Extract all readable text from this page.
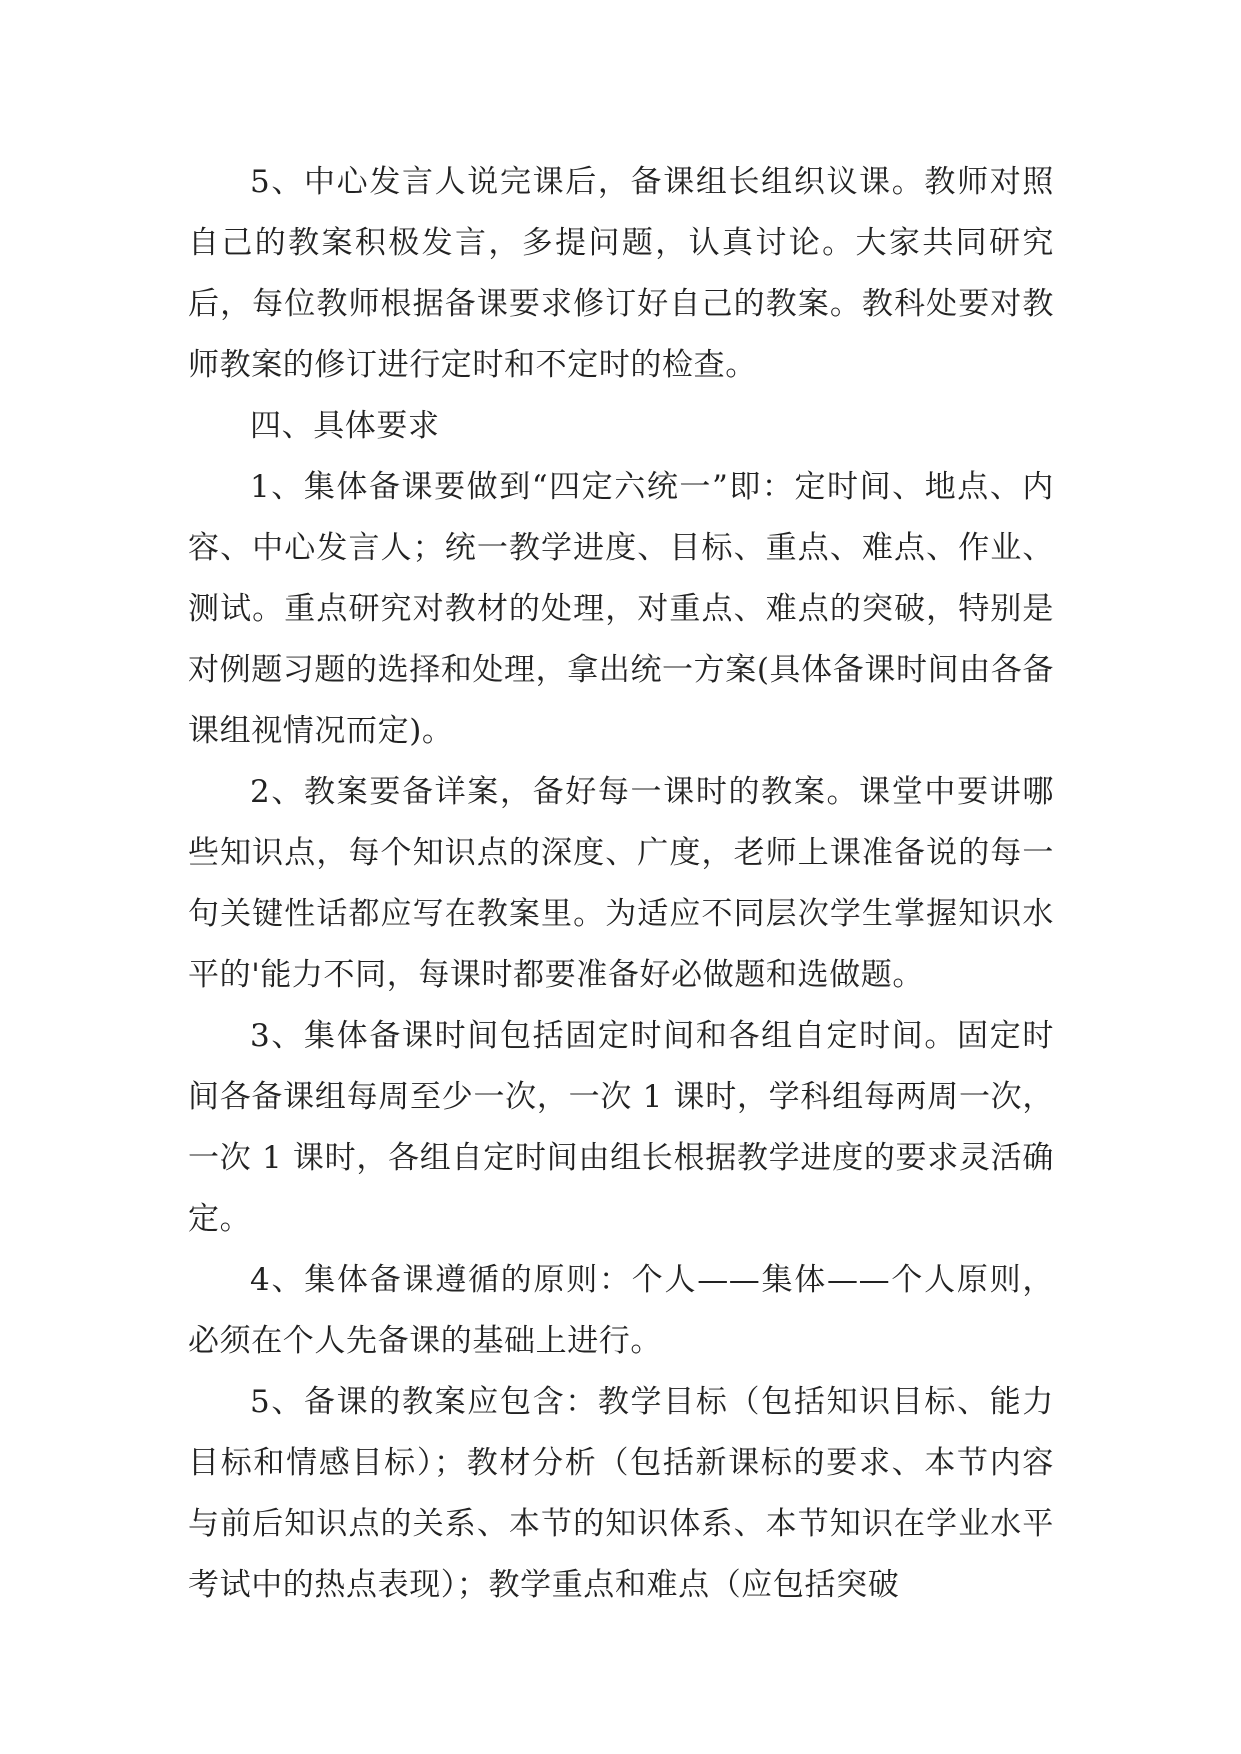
5、中心发言人说完课后，备课组长组织议课。教师对照自己的教案积极发言，多提问题，认真讨论。大家共同研究后，每位教师根据备课要求修订好自己的教案。教科处要对教师教案的修订进行定时和不定时的检查。

四、具体要求

1、集体备课要做到“四定六统一”即：定时间、地点、内容、中心发言人；统一教学进度、目标、重点、难点、作业、测试。重点研究对教材的处理，对重点、难点的突破，特别是对例题习题的选择和处理，拿出统一方案(具体备课时间由各备课组视情况而定)。

2、教案要备详案，备好每一课时的教案。课堂中要讲哪些知识点，每个知识点的深度、广度，老师上课准备说的每一句关键性话都应写在教案里。为适应不同层次学生掌握知识水平的'能力不同，每课时都要准备好必做题和选做题。

3、集体备课时间包括固定时间和各组自定时间。固定时间各备课组每周至少一次，一次 1 课时，学科组每两周一次，一次 1 课时，各组自定时间由组长根据教学进度的要求灵活确定。

4、集体备课遵循的原则：个人——集体——个人原则，必须在个人先备课的基础上进行。

5、备课的教案应包含：教学目标（包括知识目标、能力目标和情感目标）；教材分析（包括新课标的要求、本节内容与前后知识点的关系、本节的知识体系、本节知识在学业水平考试中的热点表现）；教学重点和难点（应包括突破
